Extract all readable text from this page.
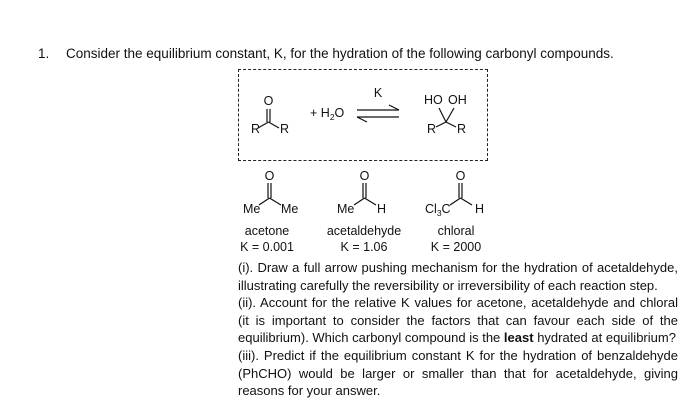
1. Consider the equilibrium constant, K, for the hydration of the following carbonyl compounds.
O
R R
+ $H_2O$
K	HO OH
R R
O
Me Me
O
Me H
O
$Cl_3C$ H
acetone
K = 0.001
acetaldehyde
K = 1.06
chloral
K = 2000

(i). Draw a full arrow pushing mechanism for the hydration of acetaldehyde, illustrating carefully the reversibility or irreversibility of each reaction step.

(ii). Account for the relative K values for acetone, acetaldehyde and chloral (it is important to consider the factors that can favour each side of the equilibrium). Which carbonyl compound is the least hydrated at equilibrium?

(iii). Predict if the equilibrium constant K for the hydration of benzaldehyde (PhCHO) would be larger or smaller than that for acetaldehyde, giving reasons for your answer.
